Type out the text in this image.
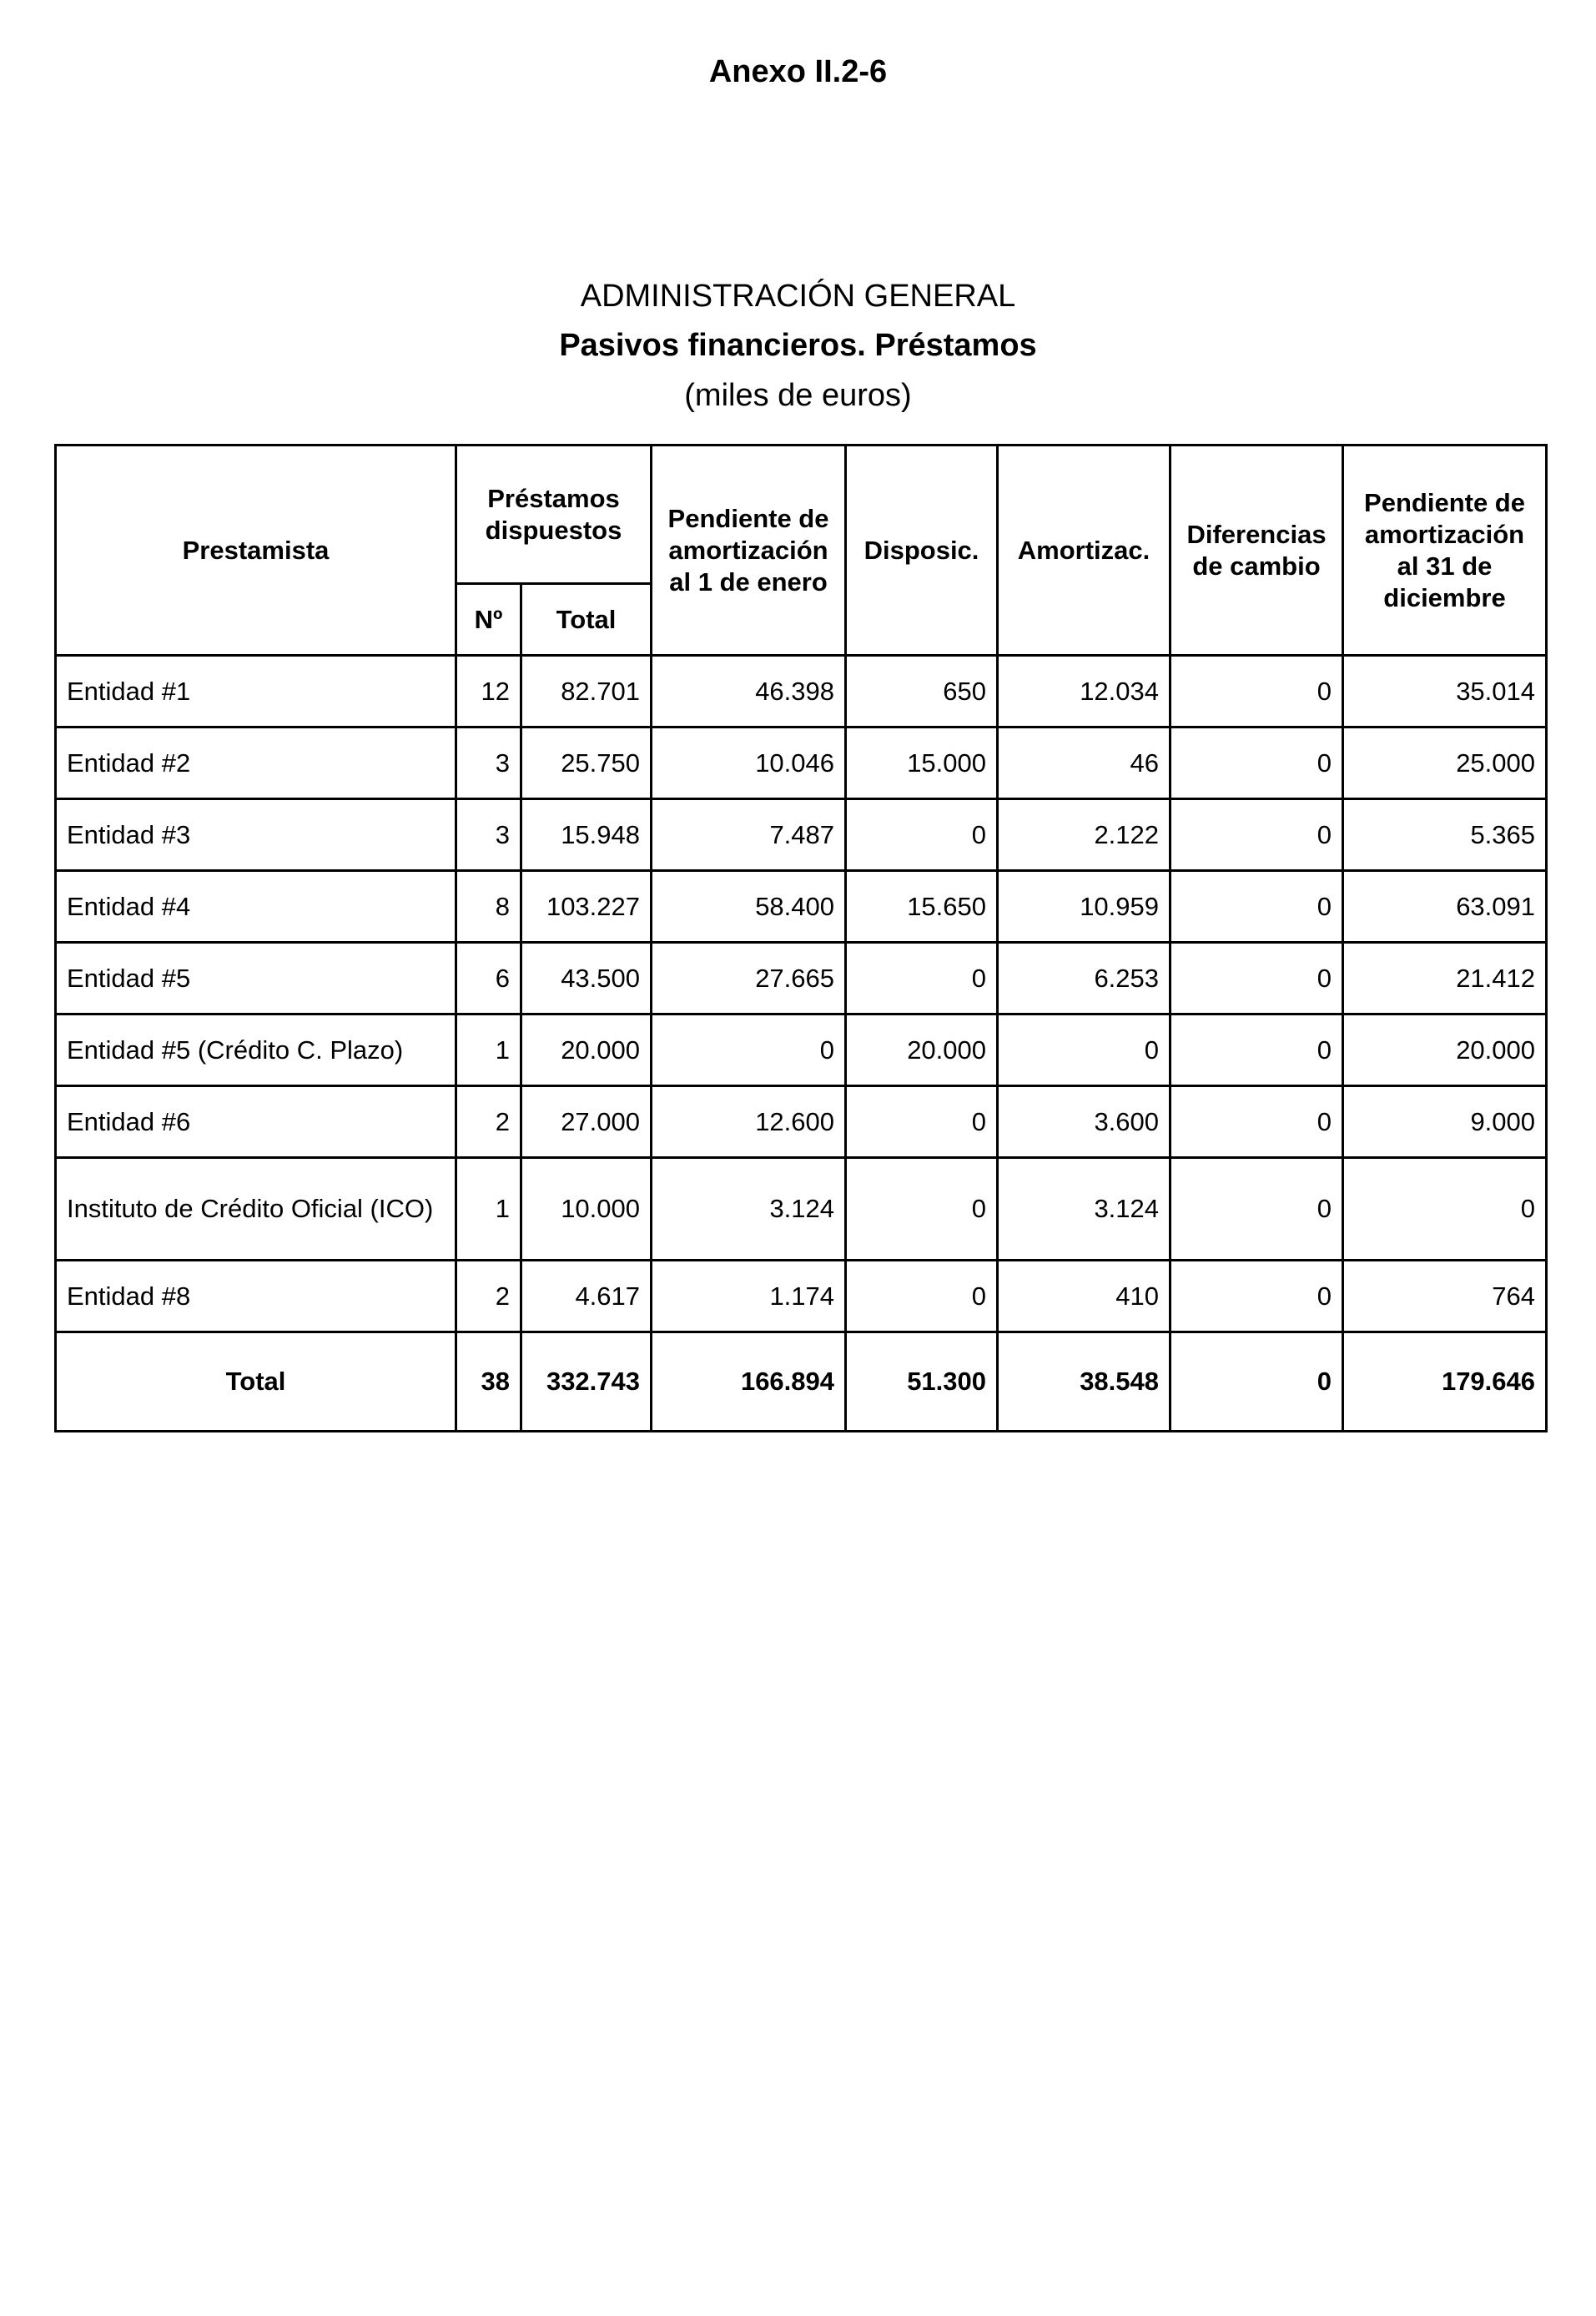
Anexo II.2-6
ADMINISTRACIÓN GENERAL
Pasivos financieros. Préstamos
(miles de euros)
Prestamista	Préstamos dispuestos		Pendiente de amortización al 1 de enero	Disposic.	Amortizac.	Diferencias de cambio	Pendiente de amortización al 31 de diciembre
	Nº	Total					
Entidad #1	12	82.701	46.398	650	12.034	0	35.014
Entidad #2	3	25.750	10.046	15.000	46	0	25.000
Entidad #3	3	15.948	7.487	0	2.122	0	5.365
Entidad #4	8	103.227	58.400	15.650	10.959	0	63.091
Entidad #5	6	43.500	27.665	0	6.253	0	21.412
Entidad #5 (Crédito C. Plazo)	1	20.000	0	20.000	0	0	20.000
Entidad #6	2	27.000	12.600	0	3.600	0	9.000
Instituto de Crédito Oficial (ICO)	1	10.000	3.124	0	3.124	0	0
Entidad #8	2	4.617	1.174	0	410	0	764
Total	38	332.743	166.894	51.300	38.548	0	179.646
